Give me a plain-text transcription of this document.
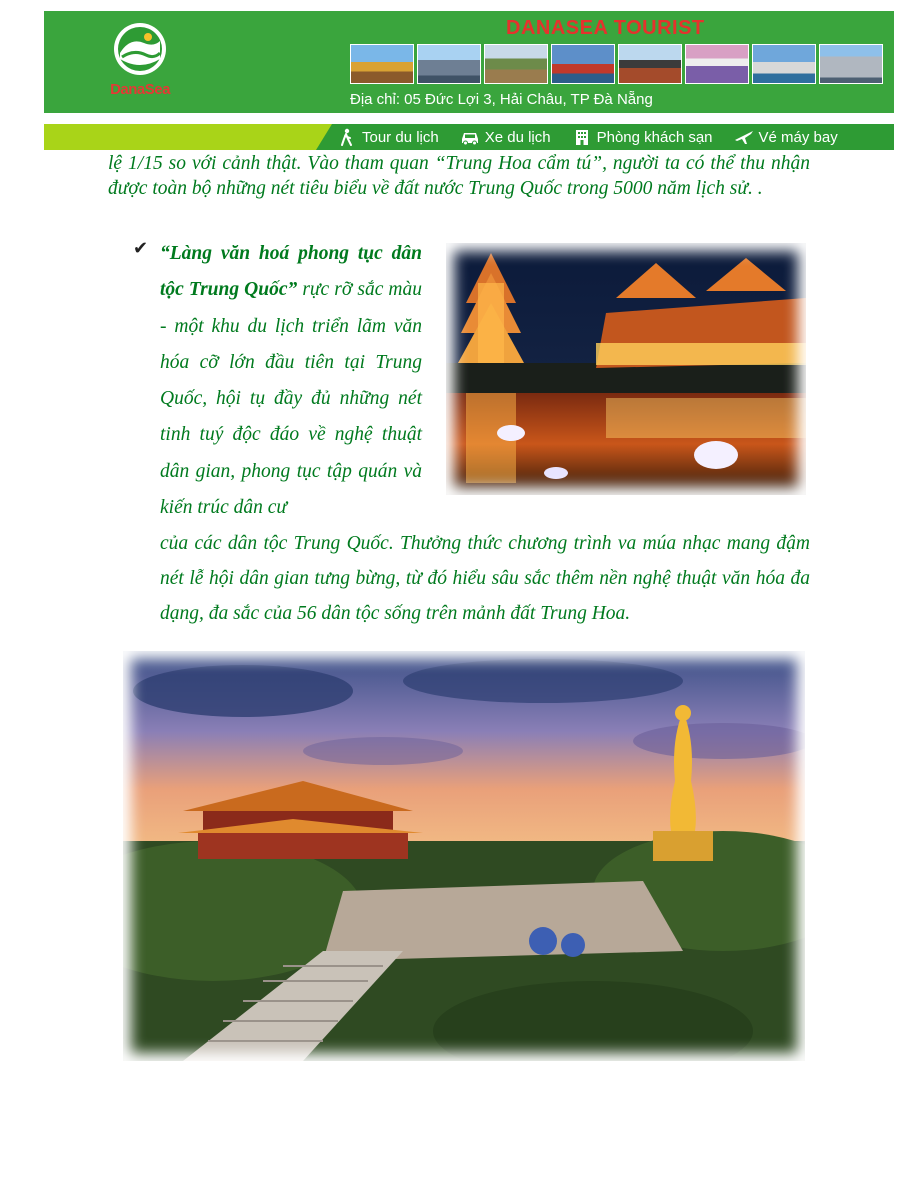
DanaSea
DANASEA TOURIST
Địa chỉ: 05 Đức Lợi 3, Hải Châu, TP Đà Nẵng
Tour du lịch	Xe du lịch	Phòng khách sạn	Vé máy bay
lệ 1/15 so với cảnh thật. Vào tham quan “Trung Hoa cẩm tú”, người ta có thể thu nhận được toàn bộ những nét tiêu biểu về đất nước Trung Quốc trong 5000 năm lịch sử. .
✔ “Làng văn hoá phong tục dân tộc Trung Quốc” rực rỡ sắc màu - một khu du lịch triển lãm văn hóa cỡ lớn đầu tiên tại Trung Quốc, hội tụ đầy đủ những nét tinh tuý độc đáo về nghệ thuật dân gian, phong tục tập quán và kiến trúc dân cư
của các dân tộc Trung Quốc. Thưởng thức chương trình va múa nhạc mang đậm nét lễ hội dân gian tưng bừng, từ đó hiểu sâu sắc thêm nền nghệ thuật văn hóa đa dạng, đa sắc của 56 dân tộc sống trên mảnh đất Trung Hoa.
